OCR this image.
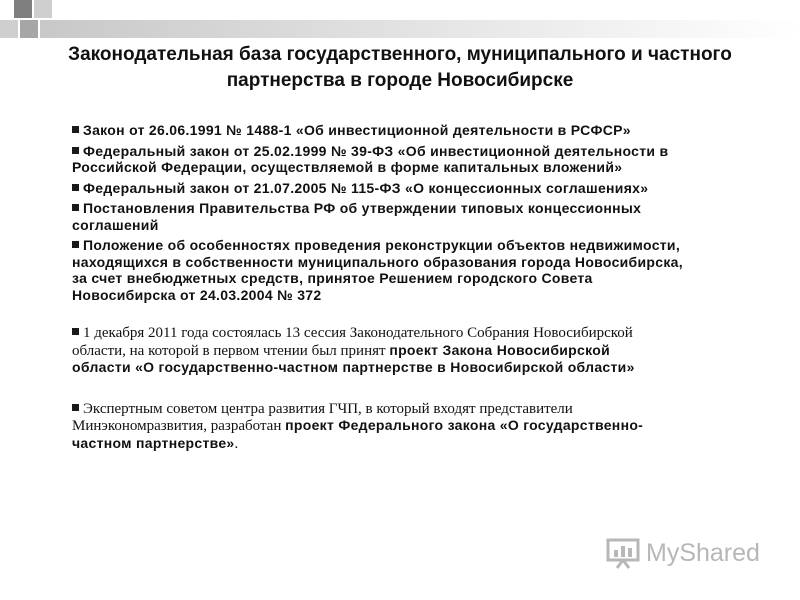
Законодательная база государственного, муниципального и частного
партнерства в городе Новосибирске
Закон от 26.06.1991 № 1488-1 «Об инвестиционной деятельности в РСФСР»
Федеральный закон от 25.02.1999 № 39-ФЗ «Об инвестиционной деятельности в
Российской Федерации, осуществляемой в форме капитальных вложений»
Федеральный закон от 21.07.2005 № 115-ФЗ «О концессионных соглашениях»
Постановления Правительства РФ об утверждении типовых концессионных
соглашений
Положение об особенностях проведения реконструкции объектов недвижимости,
находящихся в собственности муниципального образования города Новосибирска,
за счет внебюджетных средств, принятое Решением городского Совета
Новосибирска от 24.03.2004 № 372
1 декабря 2011 года состоялась 13 сессия Законодательного Собрания Новосибирской
области, на которой в первом чтении был принят проект Закона Новосибирской
области «О государственно-частном партнерстве в Новосибирской области»
Экспертным советом центра развития ГЧП, в который входят представители
Минэкономразвития, разработан проект Федерального закона «О государственно-
частном партнерстве».
MyShared
